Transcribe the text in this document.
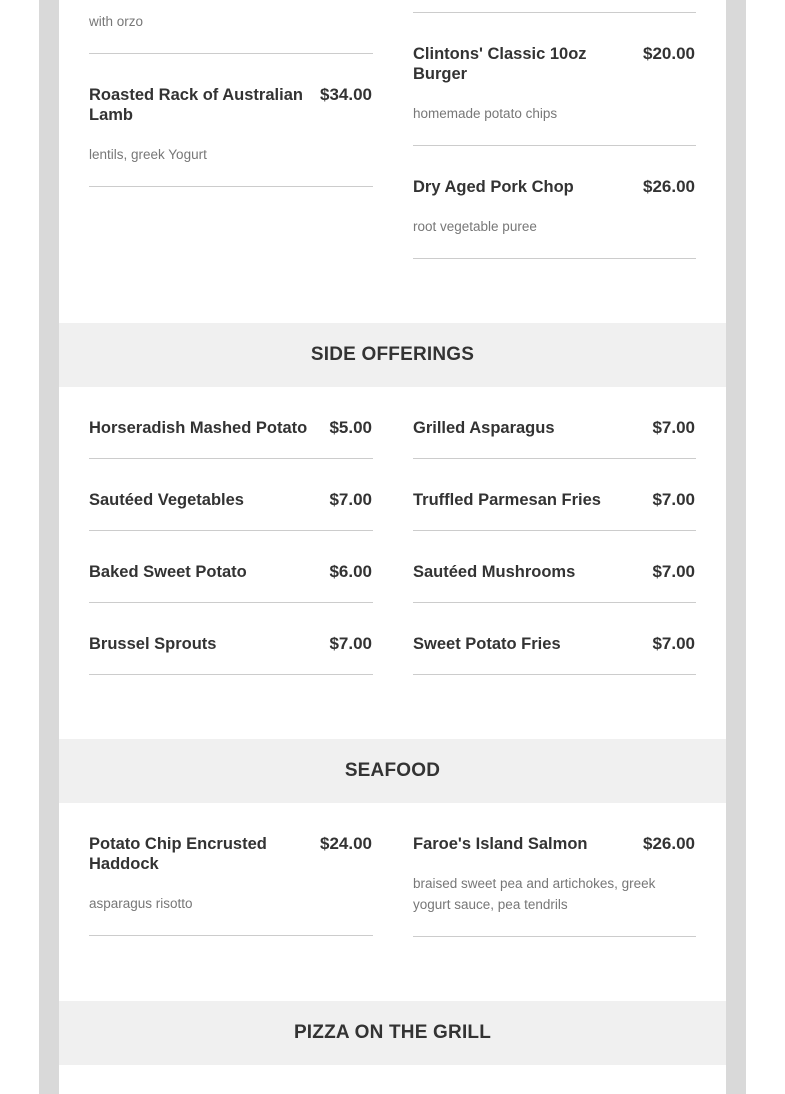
with orzo
Roasted Rack of Australian Lamb
$34.00
lentils, greek Yogurt
Clintons' Classic 10oz Burger
$20.00
homemade potato chips
Dry Aged Pork Chop	$26.00
root vegetable puree
SIDE OFFERINGS
Horseradish Mashed Potato	$5.00
Sautéed Vegetables	$7.00
Baked Sweet Potato	$6.00
Brussel Sprouts	$7.00
Grilled Asparagus	$7.00
Truffled Parmesan Fries	$7.00
Sautéed Mushrooms	$7.00
Sweet Potato Fries	$7.00
SEAFOOD
Potato Chip Encrusted Haddock
$24.00
asparagus risotto
Faroe's Island Salmon	$26.00
braised sweet pea and artichokes, greek yogurt sauce, pea tendrils
PIZZA ON THE GRILL
